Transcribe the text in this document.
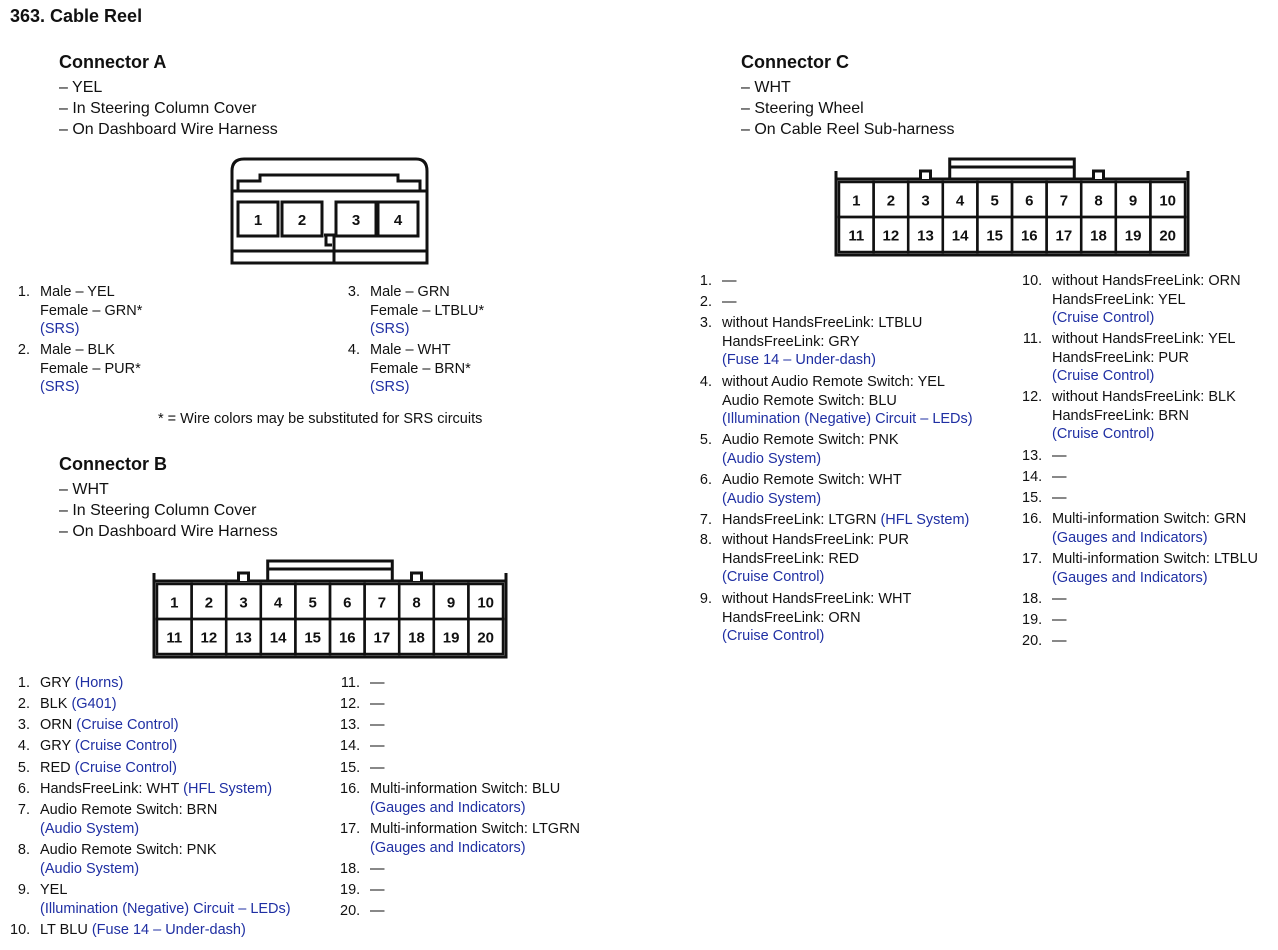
363. Cable Reel
Connector A
– YEL
– In Steering Column Cover
– On Dashboard Wire Harness
1 2	3 4
1. Male – YEL
Female – GRN*
(SRS)
2. Male – BLK
Female – PUR*
(SRS)
3. Male – GRN
Female – LTBLU*
(SRS)
4. Male – WHT
Female – BRN*
(SRS)
* = Wire colors may be substituted for SRS circuits
Connector B
– WHT
– In Steering Column Cover
– On Dashboard Wire Harness
1 2 3 4 5 6 7 8 9 10
11 12 13 14 15 16 17 18 19 20
1. GRY (Horns)
2. BLK (G401)
3. ORN (Cruise Control)
4. GRY (Cruise Control)
5. RED (Cruise Control)
6. HandsFreeLink: WHT (HFL System)
7. Audio Remote Switch: BRN
(Audio System)
8. Audio Remote Switch: PNK
(Audio System)
9. YEL
(Illumination (Negative) Circuit – LEDs)
10. LT BLU (Fuse 14 – Under-dash)
11. —
12. —
13. —
14. —
15. —
16. Multi-information Switch: BLU
(Gauges and Indicators)
17. Multi-information Switch: LTGRN
(Gauges and Indicators)
18. —
19. —
20. —
Connector C
– WHT
– Steering Wheel
– On Cable Reel Sub-harness
1 2 3 4 5 6 7 8 9 10
11 12 13 14 15 16 17 18 19 20
1. —
2. —
3. without HandsFreeLink: LTBLU
HandsFreeLink: GRY
(Fuse 14 – Under-dash)
4. without Audio Remote Switch: YEL
Audio Remote Switch: BLU
(Illumination (Negative) Circuit – LEDs)
5. Audio Remote Switch: PNK
(Audio System)
6. Audio Remote Switch: WHT
(Audio System)
7. HandsFreeLink: LTGRN (HFL System)
8. without HandsFreeLink: PUR
HandsFreeLink: RED
(Cruise Control)
9. without HandsFreeLink: WHT
HandsFreeLink: ORN
(Cruise Control)
10. without HandsFreeLink: ORN
HandsFreeLink: YEL
(Cruise Control)
11. without HandsFreeLink: YEL
HandsFreeLink: PUR
(Cruise Control)
12. without HandsFreeLink: BLK
HandsFreeLink: BRN
(Cruise Control)
13. —
14. —
15. —
16. Multi-information Switch: GRN
(Gauges and Indicators)
17. Multi-information Switch: LTBLU
(Gauges and Indicators)
18. —
19. —
20. —
